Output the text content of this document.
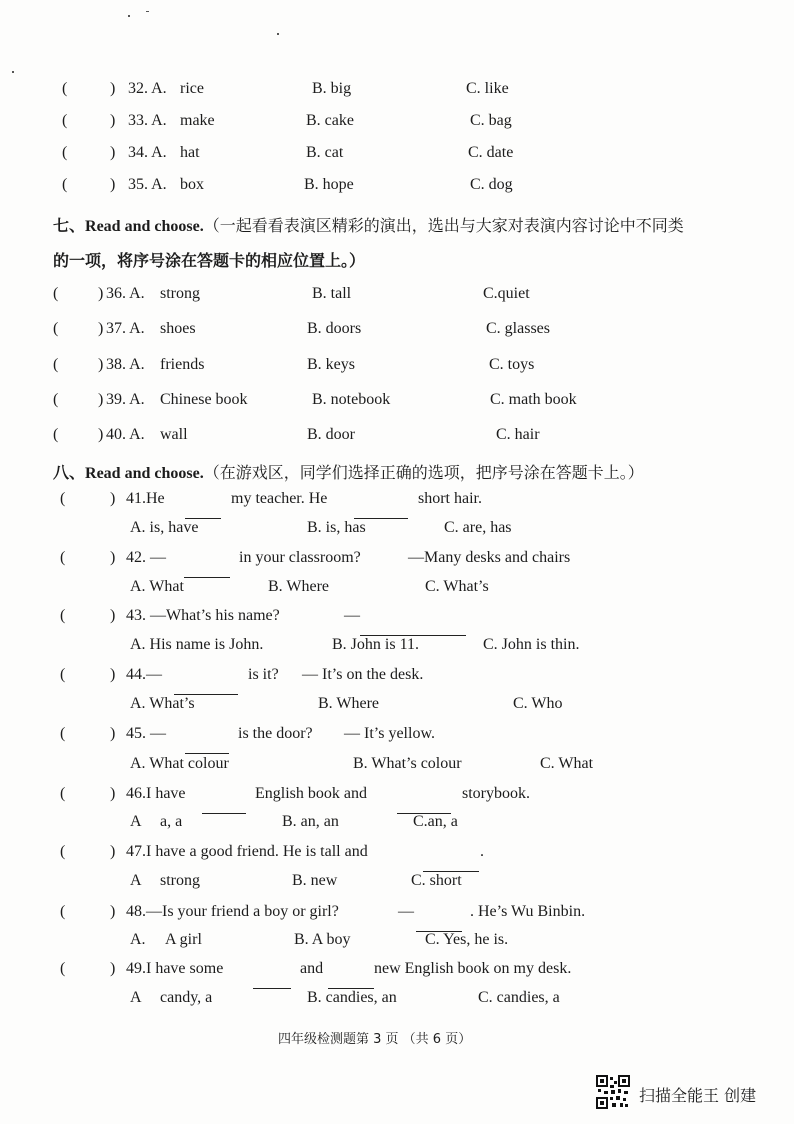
(	) 32. A. rice	B. big	C. like
(	) 33. A. make	B. cake	C. bag
(	) 34. A. hat	B. cat	C. date
(	) 35. A. box	B. hope	C. dog
七、Read and choose.（一起看看表演区精彩的演出，选出与大家对表演内容讨论中不同类
的一项，将序号涂在答题卡的相应位置上。）
( ) 36. A. strong	B. tall	C.quiet
( ) 37. A. shoes	B. doors	C. glasses
( ) 38. A. friends	B. keys	C. toys
( ) 39. A. Chinese book	B. notebook	C. math book
( ) 40. A. wall	B. door	C. hair
八、Read and choose.（在游戏区，同学们选择正确的选项，把序号涂在答题卡上。）
(	) 41.He	my teacher. He	short hair.
A. is, have	B. is, has	C. are, has
(	) 42. —	in your classroom?	—Many desks and chairs
A. What	B. Where	C. What’s
(	) 43. —What’s his name?	—
A. His name is John.	B. John is 11.	C. John is thin.
(	) 44.—	is it? — It’s on the desk.
A. What’s	B. Where	C. Who
(	) 45. —	is the door? — It’s yellow.
A. What colour	B. What’s colour	C. What
(	) 46.I have	English book and	storybook.
A a, a	B. an, an	C.an, a
(	) 47.I have a good friend. He is tall and	.
A strong	B. new	C. short
(	) 48.—Is your friend a boy or girl?	—	. He’s Wu Binbin.
A. A girl	B. A boy	C. Yes, he is.
(	) 49.I have some	and	new English book on my desk.
A candy, a	B. candies, an	C. candies, a
四年级检测题第 3 页 （共 6 页）
扫描全能王 创建
